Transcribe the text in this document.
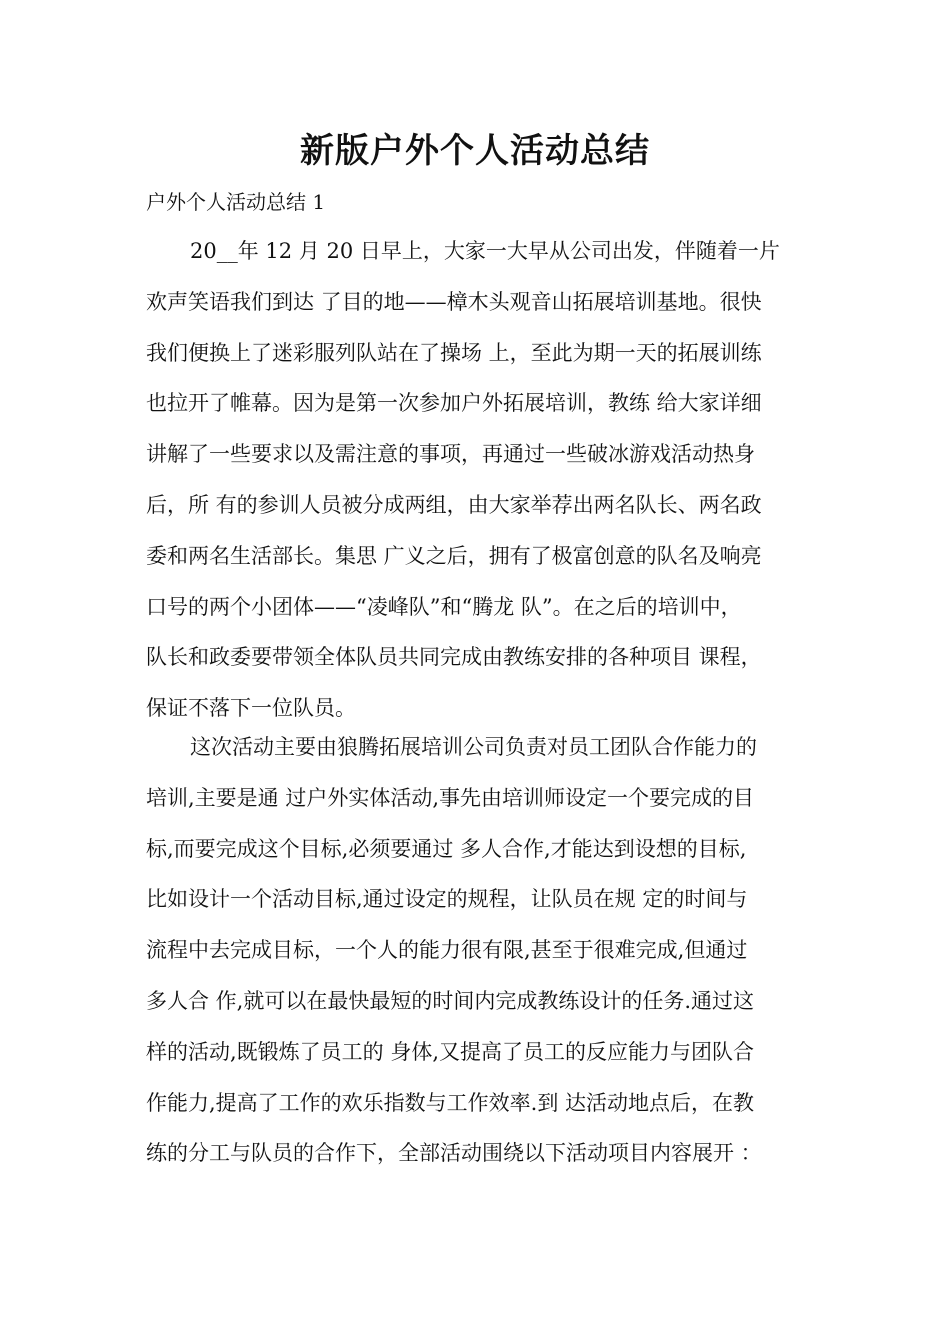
新版户外个人活动总结

户外个人活动总结 1

20__年 12 月 20 日早上，大家一大早从公司出发，伴随着一片
欢声笑语我们到达 了目的地——樟木头观音山拓展培训基地。很快
我们便换上了迷彩服列队站在了操场 上，至此为期一天的拓展训练
也拉开了帷幕。因为是第一次参加户外拓展培训，教练 给大家详细
讲解了一些要求以及需注意的事项，再通过一些破冰游戏活动热身
后，所 有的参训人员被分成两组，由大家举荐出两名队长、两名政
委和两名生活部长。集思 广义之后，拥有了极富创意的队名及响亮
口号的两个小团体——“凌峰队”和“腾龙 队”。在之后的培训中，
队长和政委要带领全体队员共同完成由教练安排的各种项目 课程，
保证不落下一位队员。
这次活动主要由狼腾拓展培训公司负责对员工团队合作能力的
培训,主要是通 过户外实体活动,事先由培训师设定一个要完成的目
标,而要完成这个目标,必须要通过 多人合作,才能达到设想的目标,
比如设计一个活动目标,通过设定的规程，让队员在规 定的时间与
流程中去完成目标，一个人的能力很有限,甚至于很难完成,但通过
多人合 作,就可以在最快最短的时间内完成教练设计的任务.通过这
样的活动,既锻炼了员工的 身体,又提高了员工的反应能力与团队合
作能力,提高了工作的欢乐指数与工作效率.到 达活动地点后，在教
练的分工与队员的合作下，全部活动围绕以下活动项目内容展开 ：
